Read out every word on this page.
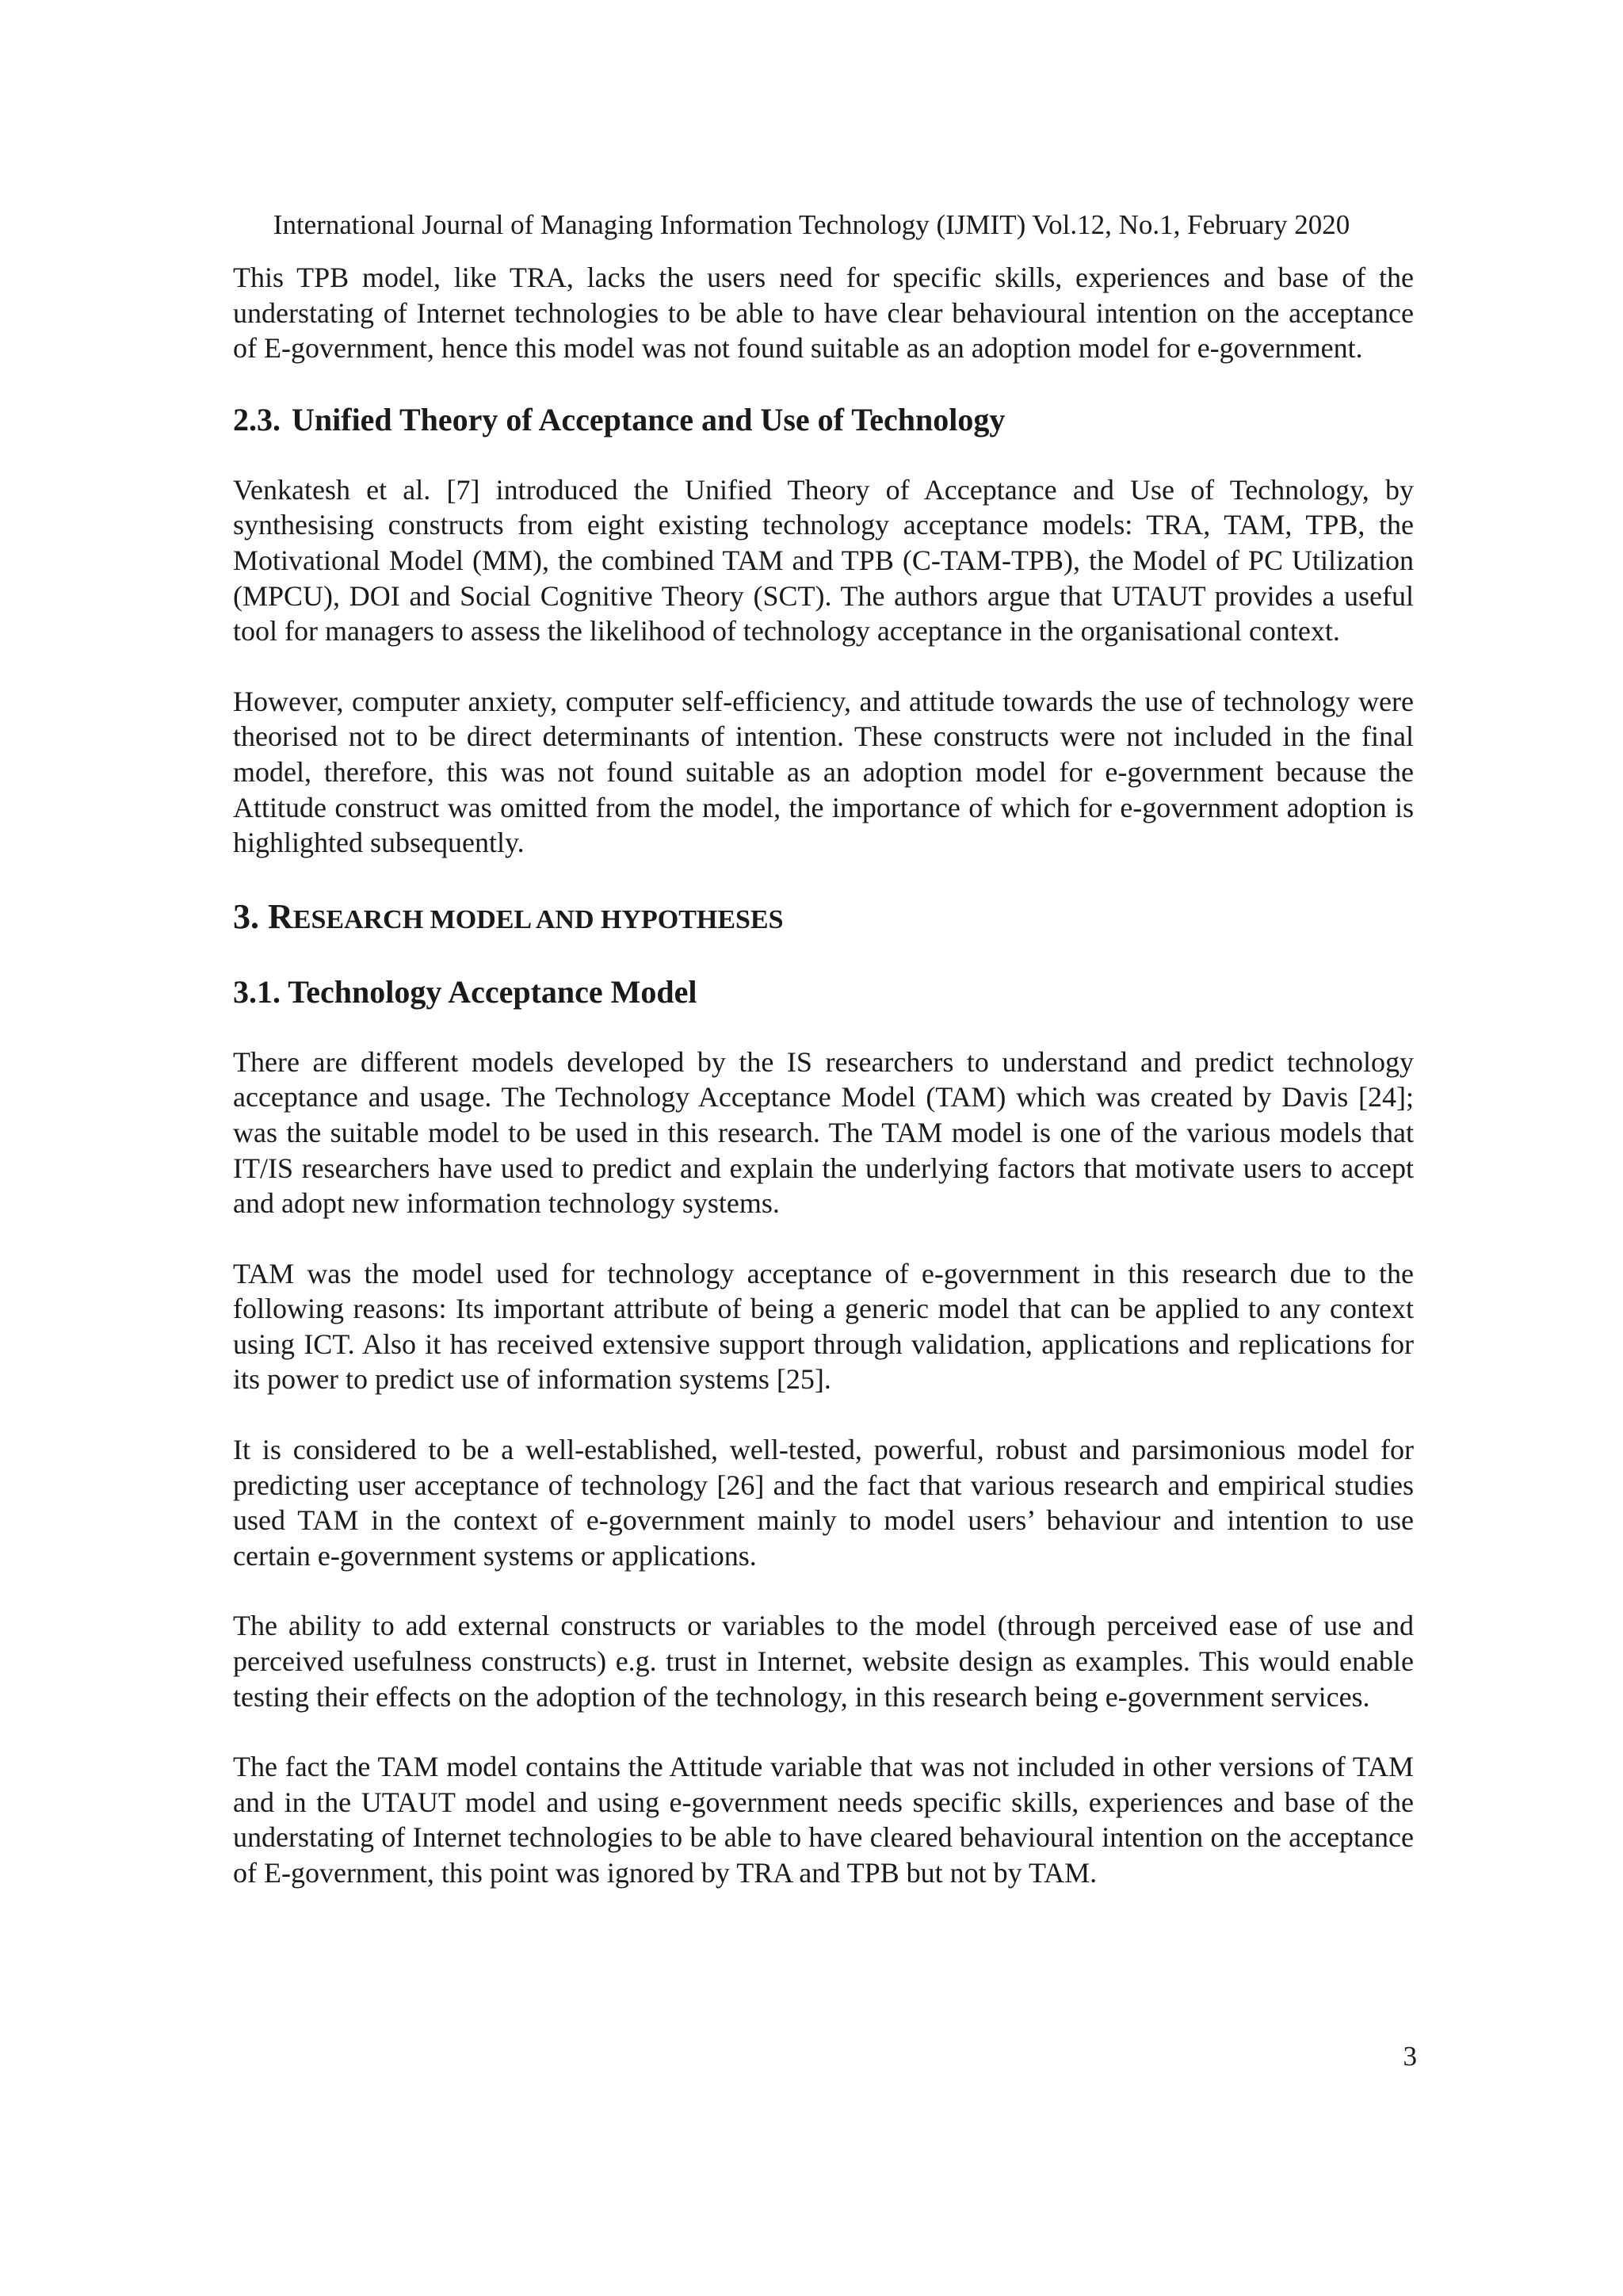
International Journal of Managing Information Technology (IJMIT) Vol.12, No.1, February 2020

This TPB model, like TRA, lacks the users need for specific skills, experiences and base of the understating of Internet technologies to be able to have clear behavioural intention on the acceptance of E-government, hence this model was not found suitable as an adoption model for e-government.

2.3. Unified Theory of Acceptance and Use of Technology

Venkatesh et al. [7] introduced the Unified Theory of Acceptance and Use of Technology, by synthesising constructs from eight existing technology acceptance models: TRA, TAM, TPB, the Motivational Model (MM), the combined TAM and TPB (C-TAM-TPB), the Model of PC Utilization (MPCU), DOI and Social Cognitive Theory (SCT). The authors argue that UTAUT provides a useful tool for managers to assess the likelihood of technology acceptance in the organisational context.

However, computer anxiety, computer self-efficiency, and attitude towards the use of technology were theorised not to be direct determinants of intention. These constructs were not included in the final model, therefore, this was not found suitable as an adoption model for e-government because the Attitude construct was omitted from the model, the importance of which for e-government adoption is highlighted subsequently.

3. RESEARCH MODEL AND HYPOTHESES
3.1. Technology Acceptance Model

There are different models developed by the IS researchers to understand and predict technology acceptance and usage. The Technology Acceptance Model (TAM) which was created by Davis [24]; was the suitable model to be used in this research. The TAM model is one of the various models that IT/IS researchers have used to predict and explain the underlying factors that motivate users to accept and adopt new information technology systems.

TAM was the model used for technology acceptance of e-government in this research due to the following reasons: Its important attribute of being a generic model that can be applied to any context using ICT. Also it has received extensive support through validation, applications and replications for its power to predict use of information systems [25].

It is considered to be a well-established, well-tested, powerful, robust and parsimonious model for predicting user acceptance of technology [26] and the fact that various research and empirical studies used TAM in the context of e-government mainly to model users’ behaviour and intention to use certain e-government systems or applications.

The ability to add external constructs or variables to the model (through perceived ease of use and perceived usefulness constructs) e.g. trust in Internet, website design as examples. This would enable testing their effects on the adoption of the technology, in this research being e-government services.

The fact the TAM model contains the Attitude variable that was not included in other versions of TAM and in the UTAUT model and using e-government needs specific skills, experiences and base of the understating of Internet technologies to be able to have cleared behavioural intention on the acceptance of E-government, this point was ignored by TRA and TPB but not by TAM.

3
